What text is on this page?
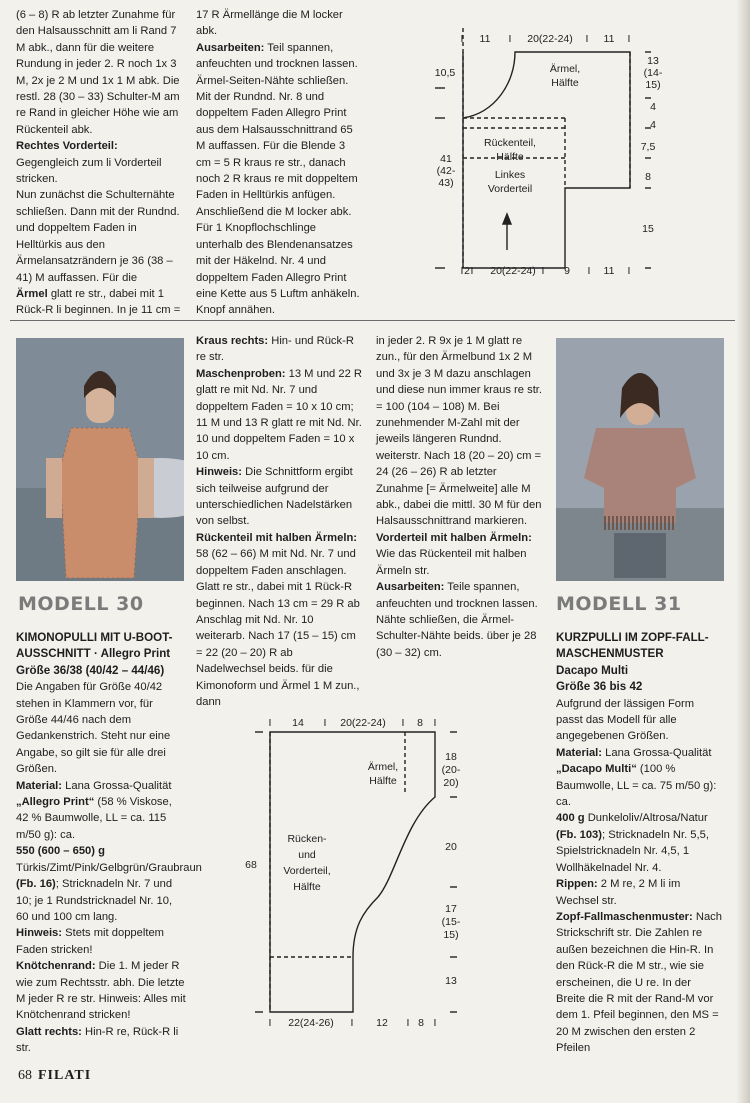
(6 – 8) R ab letzter Zunahme für den Halsausschnitt am li Rand 7 M abk., dann für die weitere Rundung in jeder 2. R noch 1x 3 M, 2x je 2 M und 1x 1 M abk. Die restl. 28 (30 – 33) Schulter-M am re Rand in gleicher Höhe wie am Rückenteil abk.

Rechtes Vorderteil: Gegengleich zum li Vorderteil stricken.

Nun zunächst die Schulternähte schließen. Dann mit der Rundnd. und doppeltem Faden in Helltürkis aus den Ärmelansatzrändern je 36 (38 – 41) M auffassen. Für die

Ärmel glatt re str., dabei mit 1 Rück-R li beginnen. In je 11 cm =

17 R Ärmellänge die M locker abk.

Ausarbeiten: Teil spannen, anfeuchten und trocknen lassen. Ärmel-Seiten-Nähte schließen. Mit der Rundnd. Nr. 8 und doppeltem Faden Allegro Print aus dem Halsausschnittrand 65 M auffassen. Für die Blende 3 cm = 5 R kraus re str., danach noch 2 R kraus re mit doppeltem Faden in Helltürkis anfügen. Anschließend die M locker abk. Für 1 Knopflochschlinge unterhalb des Blendenansatzes mit der Häkelnd. Nr. 4 und doppeltem Faden Allegro Print eine Kette aus 5 Luftm anhäkeln. Knopf annähen.

I 11 I 20(22-24) I 11 I
I 2 I 20(22-24) I 9 I 11 I
10,5
41
(42-
43)
13
(14-
15)
4
4
7,5
8
15
Ärmel,
Hälfte
Rückenteil,
Hälfte
Linkes
Vorderteil
MODELL 30
KIMONOPULLI MIT U-BOOT-AUSSCHNITT · Allegro Print
Größe 36/38 (40/42 – 44/46)

Die Angaben für Größe 40/42 stehen in Klammern vor, für Größe 44/46 nach dem Gedankenstrich. Steht nur eine Angabe, so gilt sie für alle drei Größen.

Material: Lana Grossa-Qualität

„Allegro Print“ (58 % Viskose, 42 % Baumwolle, LL = ca. 115 m/50 g): ca.

550 (600 – 650) g Türkis/Zimt/Pink/Gelbgrün/Graubraun

(Fb. 16); Stricknadeln Nr. 7 und 10; je 1 Rundstricknadel Nr. 10, 60 und 100 cm lang.

Hinweis: Stets mit doppeltem Faden stricken!

Knötchenrand: Die 1. M jeder R wie zum Rechtsstr. abh. Die letzte M jeder R re str. Hinweis: Alles mit Knötchenrand stricken!

Glatt rechts: Hin-R re, Rück-R li str.

Kraus rechts: Hin- und Rück-R re str.

Maschenproben: 13 M und 22 R glatt re mit Nd. Nr. 7 und doppeltem Faden = 10 x 10 cm; 11 M und 13 R glatt re mit Nd. Nr. 10 und doppeltem Faden = 10 x 10 cm.

Hinweis: Die Schnittform ergibt sich teilweise aufgrund der unterschiedlichen Nadelstärken von selbst.

Rückenteil mit halben Ärmeln: 58 (62 – 66) M mit Nd. Nr. 7 und doppeltem Faden anschlagen. Glatt re str., dabei mit 1 Rück-R beginnen. Nach 13 cm = 29 R ab Anschlag mit Nd. Nr. 10 weiterarb. Nach 17 (15 – 15) cm = 22 (20 – 20) R ab Nadelwechsel beids. für die Kimonoform und Ärmel 1 M zun., dann

in jeder 2. R 9x je 1 M glatt re zun., für den Ärmelbund 1x 2 M und 3x je 3 M dazu anschlagen und diese nun immer kraus re str. = 100 (104 – 108) M. Bei zunehmender M-Zahl mit der jeweils längeren Rundnd. weiterstr. Nach 18 (20 – 20) cm = 24 (26 – 26) R ab letzter Zunahme [= Ärmelweite] alle M abk., dabei die mittl. 30 M für den Halsausschnittrand markieren.

Vorderteil mit halben Ärmeln: Wie das Rückenteil mit halben Ärmeln str.

Ausarbeiten: Teile spannen, anfeuchten und trocknen lassen. Nähte schließen, die Ärmel-Schulter-Nähte beids. über je 28 (30 – 32) cm.

I 14 I 20(22-24) I 8 I
I 22(24-26) I 12 I 8 I
68
18
(20-
20)
20
17
(15-
15)
13
Ärmel,
Hälfte
Rücken-
und
Vorderteil,
Hälfte
MODELL 31
KURZPULLI IM ZOPF-FALL-MASCHENMUSTER
Dacapo Multi
Größe 36 bis 42

Aufgrund der lässigen Form passt das Modell für alle angegebenen Größen.

Material: Lana Grossa-Qualität

„Dacapo Multi“ (100 % Baumwolle, LL = ca. 75 m/50 g): ca.

400 g Dunkeloliv/Altrosa/Natur

(Fb. 103); Stricknadeln Nr. 5,5, Spielstricknadeln Nr. 4,5, 1 Wollhäkelnadel Nr. 4.

Rippen: 2 M re, 2 M li im Wechsel str.

Zopf-Fallmaschenmuster: Nach Strickschrift str. Die Zahlen re außen bezeichnen die Hin-R. In den Rück-R die M str., wie sie erscheinen, die U re. In der Breite die R mit der Rand-M vor dem 1. Pfeil beginnen, den MS = 20 M zwischen den ersten 2 Pfeilen

68 FILATI
